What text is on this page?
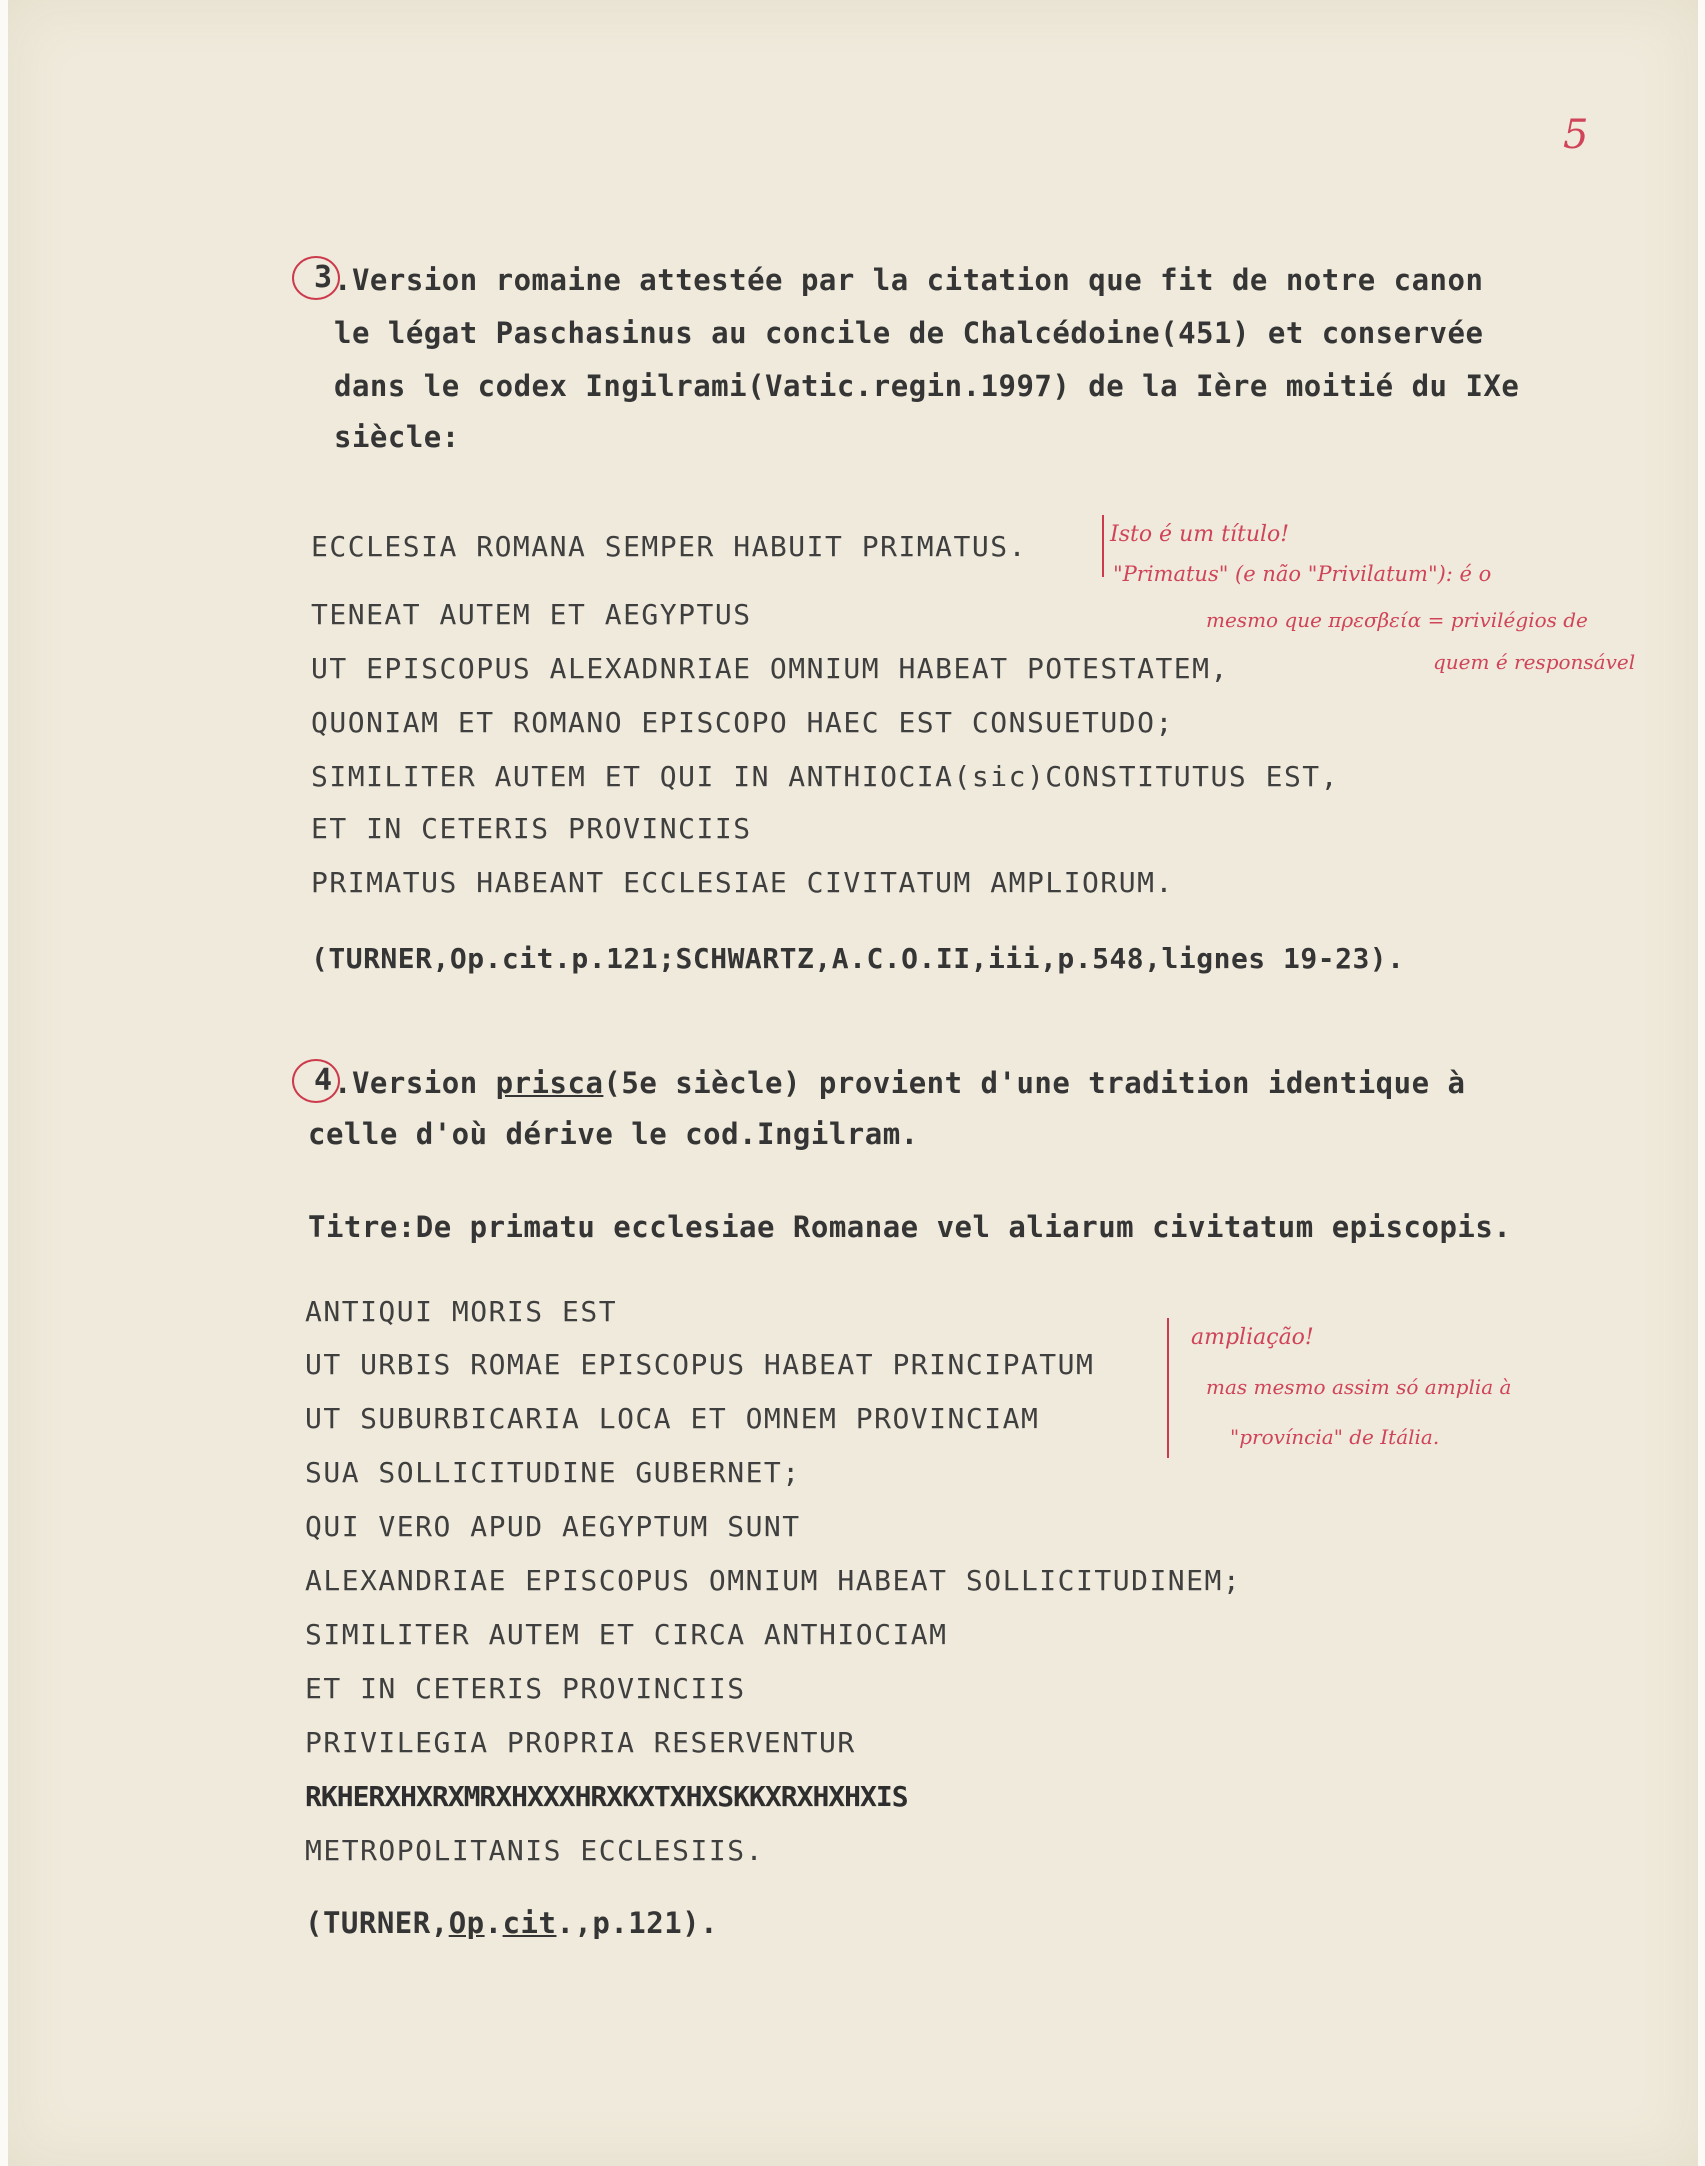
5
3 .Version romaine attestée par la citation que fit de notre canon
le légat Paschasinus au concile de Chalcédoine(451) et conservée
dans le codex Ingilrami(Vatic.regin.1997) de la Ière moitié du IXe
siècle:
ECCLESIA ROMANA SEMPER HABUIT PRIMATUS.
TENEAT AUTEM ET AEGYPTUS
UT EPISCOPUS ALEXADNRIAE OMNIUM HABEAT POTESTATEM,
QUONIAM ET ROMANO EPISCOPO HAEC EST CONSUETUDO;
SIMILITER AUTEM ET QUI IN ANTHIOCIA(sic)CONSTITUTUS EST,
ET IN CETERIS PROVINCIIS
PRIMATUS HABEANT ECCLESIAE CIVITATUM AMPLIORUM.
(TURNER,Op.cit.p.121;SCHWARTZ,A.C.O.II,iii,p.548,lignes 19-23).
Isto é um título!
"Primatus" (e não "Privilatum"): é o
mesmo que πρεσβεία = privilégios de
quem é responsável
4 .Version prisca(5e siècle) provient d'une tradition identique à
celle d'où dérive le cod.Ingilram.
Titre:De primatu ecclesiae Romanae vel aliarum civitatum episcopis.
ANTIQUI MORIS EST
UT URBIS ROMAE EPISCOPUS HABEAT PRINCIPATUM
UT SUBURBICARIA LOCA ET OMNEM PROVINCIAM
SUA SOLLICITUDINE GUBERNET;
QUI VERO APUD AEGYPTUM SUNT
ALEXANDRIAE EPISCOPUS OMNIUM HABEAT SOLLICITUDINEM;
SIMILITER AUTEM ET CIRCA ANTHIOCIAM
ET IN CETERIS PROVINCIIS
PRIVILEGIA PROPRIA RESERVENTUR
RKHERXHXRXMRXHXXXHRXKXTXHXSKKXRXHXHXIS
METROPOLITANIS ECCLESIIS.
(TURNER,Op.cit.,p.121).
ampliação!
mas mesmo assim só amplia à
"província" de Itália.
